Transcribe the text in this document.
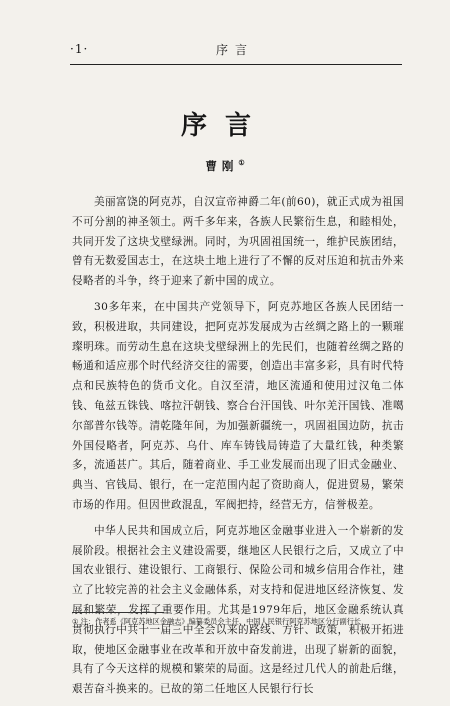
·1·	序言
序言
曹刚①

美丽富饶的阿克苏，自汉宣帝神爵二年(前60)，就正式成为祖国不可分割的神圣领土。两千多年来，各族人民繁衍生息，和睦相处，共同开发了这块戈壁绿洲。同时，为巩固祖国统一，维护民族团结，曾有无数爱国志士，在这块土地上进行了不懈的反对压迫和抗击外来侵略者的斗争，终于迎来了新中国的成立。

30多年来，在中国共产党领导下，阿克苏地区各族人民团结一致，积极进取，共同建设，把阿克苏发展成为古丝绸之路上的一颗璀璨明珠。而劳动生息在这块戈壁绿洲上的先民们，也随着丝绸之路的畅通和适应那个时代经济交往的需要，创造出丰富多彩，具有时代特点和民族特色的货币文化。自汉至清，地区流通和使用过汉龟二体钱、龟兹五铢钱、喀拉汗朝钱、察合台汗国钱、叶尔羌汗国钱、准噶尔部普尔钱等。清乾隆年间，为加强新疆统一，巩固祖国边防，抗击外国侵略者，阿克苏、乌什、库车铸钱局铸造了大量红钱，种类繁多，流通甚广。其后，随着商业、手工业发展而出现了旧式金融业、典当、官钱局、银行，在一定范围内起了资助商人，促进贸易，繁荣市场的作用。但因世政混乱，军阀把持，经营无方，信誉极差。

中华人民共和国成立后，阿克苏地区金融事业进入一个崭新的发展阶段。根据社会主义建设需要，继地区人民银行之后，又成立了中国农业银行、建设银行、工商银行、保险公司和城乡信用合作社，建立了比较完善的社会主义金融体系，对支持和促进地区经济恢复、发展和繁荣，发挥了重要作用。尤其是1979年后，地区金融系统认真贯彻执行中共十一届三中全会以来的路线、方针、政策，积极开拓进取，使地区金融事业在改革和开放中奋发前进，出现了崭新的面貌，具有了今天这样的规模和繁荣的局面。这是经过几代人的前赴后继，艰苦奋斗换来的。已故的第二任地区人民银行行长

① 注：作者系《阿克苏地区金融志》编纂委员会主任、中国人民银行阿克苏地区分行副行长
